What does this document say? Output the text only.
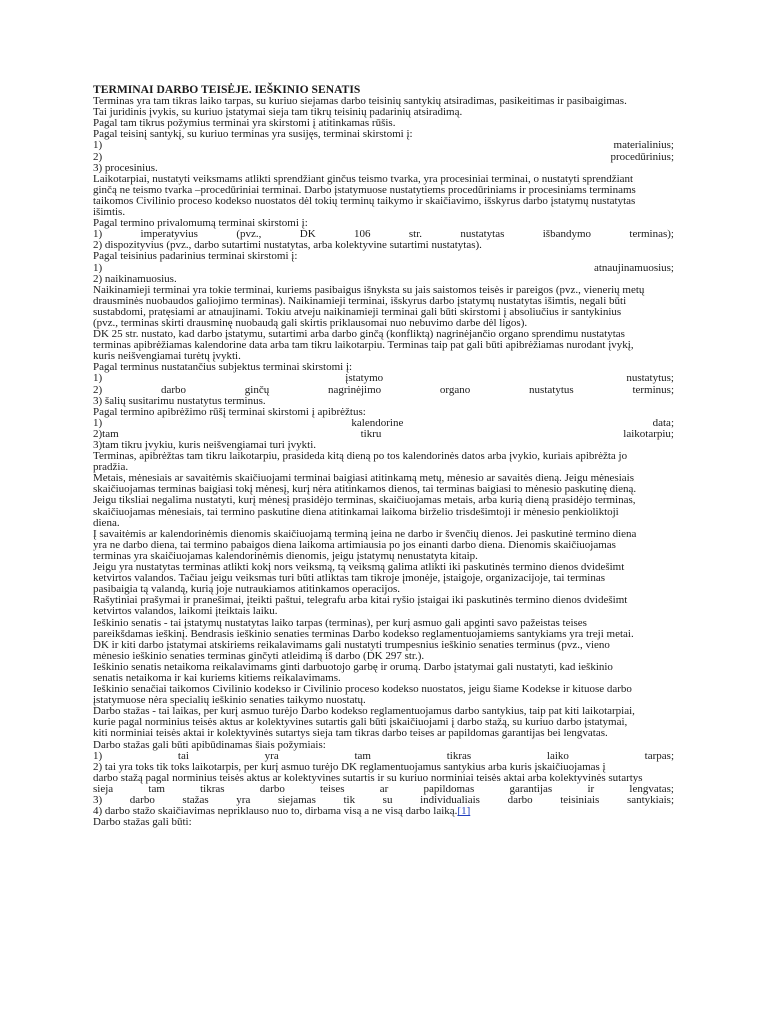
TERMINAI DARBO TEISĖJE. IEŠKINIO SENATIS
Terminas yra tam tikras laiko tarpas, su kuriuo siejamas darbo teisinių santykių atsiradimas, pasikeitimas ir pasibaigimas.
Tai juridinis įvykis, su kuriuo įstatymai sieja tam tikrų teisinių padarinių atsiradimą.
Pagal tam tikrus požymius terminai yra skirstomi į atitinkamas rūšis.
Pagal teisinį santykį, su kuriuo terminas yra susijęs, terminai skirstomi į:
1) materialinius;
2) procedūrinius;
3) procesinius.
Laikotarpiai, nustatyti veiksmams atlikti sprendžiant ginčus teismo tvarka, yra procesiniai terminai, o nustatyti sprendžiant
ginčą ne teismo tvarka –procedūriniai terminai. Darbo įstatymuose nustatytiems procedūriniams ir procesiniams terminams
taikomos Civilinio proceso kodekso nuostatos dėl tokių terminų taikymo ir skaičiavimo, išskyrus darbo įstatymų nustatytas
išimtis.
Pagal termino privalomumą terminai skirstomi į:
1) imperatyvius (pvz., DK 106 str. nustatytas išbandymo terminas);
2) dispozityvius (pvz., darbo sutartimi nustatytas, arba kolektyvine sutartimi nustatytas).
Pagal teisinius padarinius terminai skirstomi į:
1) atnaujinamuosius;
2) naikinamuosius.
Naikinamieji terminai yra tokie terminai, kuriems pasibaigus išnyksta su jais saistomos teisės ir pareigos (pvz., vienerių metų
drausminės nuobaudos galiojimo terminas). Naikinamieji terminai, išskyrus darbo įstatymų nustatytas išimtis, negali būti
sustabdomi, pratęsiami ar atnaujinami. Tokiu atveju naikinamieji terminai gali būti skirstomi į absoliučius ir santykinius
(pvz., terminas skirti drausminę nuobaudą gali skirtis priklausomai nuo nebuvimo darbe dėl ligos).
DK 25 str. nustato, kad darbo įstatymu, sutartimi arba darbo ginčą (konfliktą) nagrinėjančio organo sprendimu nustatytas
terminas apibrėžiamas kalendorine data arba tam tikru laikotarpiu. Terminas taip pat gali būti apibrėžiamas nurodant įvykį,
kuris neišvengiamai turėtų įvykti.
Pagal terminus nustatančius subjektus terminai skirstomi į:
1) įstatymo nustatytus;
2) darbo ginčų nagrinėjimo organo nustatytus terminus;
3) šalių susitarimu nustatytus terminus.
Pagal termino apibrėžimo rūšį terminai skirstomi į apibrėžtus:
1) kalendorine data;
2)tam tikru laikotarpiu;
3)tam tikru įvykiu, kuris neišvengiamai turi įvykti.
Terminas, apibrėžtas tam tikru laikotarpiu, prasideda kitą dieną po tos kalendorinės datos arba įvykio, kuriais apibrėžta jo
pradžia.
Metais, mėnesiais ar savaitėmis skaičiuojami terminai baigiasi atitinkamą metų, mėnesio ar savaitės dieną. Jeigu mėnesiais
skaičiuojamas terminas baigiasi tokį mėnesį, kurį nėra atitinkamos dienos, tai terminas baigiasi to mėnesio paskutinę dieną.
Jeigu tiksliai negalima nustatyti, kurį mėnesį prasidėjo terminas, skaičiuojamas metais, arba kurią dieną prasidėjo terminas,
skaičiuojamas mėnesiais, tai termino paskutine diena atitinkamai laikoma birželio trisdešimtoji ir mėnesio penkioliktoji
diena.
Į savaitėmis ar kalendorinėmis dienomis skaičiuojamą terminą įeina ne darbo ir švenčių dienos. Jei paskutinė termino diena
yra ne darbo diena, tai termino pabaigos diena laikoma artimiausia po jos einanti darbo diena. Dienomis skaičiuojamas
terminas yra skaičiuojamas kalendorinėmis dienomis, jeigu įstatymų nenustatyta kitaip.
Jeigu yra nustatytas terminas atlikti kokį nors veiksmą, tą veiksmą galima atlikti iki paskutinės termino dienos dvidešimt
ketvirtos valandos. Tačiau jeigu veiksmas turi būti atliktas tam tikroje įmonėje, įstaigoje, organizacijoje, tai terminas
pasibaigia tą valandą, kurią joje nutraukiamos atitinkamos operacijos.
Rašytiniai prašymai ir pranešimai, įteikti paštui, telegrafu arba kitai ryšio įstaigai iki paskutinės termino dienos dvidešimt
ketvirtos valandos, laikomi įteiktais laiku.
Ieškinio senatis - tai įstatymų nustatytas laiko tarpas (terminas), per kurį asmuo gali apginti savo pažeistas teises
pareikšdamas ieškinį. Bendrasis ieškinio senaties terminas Darbo kodekso reglamentuojamiems santykiams yra treji metai.
DK ir kiti darbo įstatymai atskiriems reikalavimams gali nustatyti trumpesnius ieškinio senaties terminus (pvz., vieno
mėnesio ieškinio senaties terminas ginčyti atleidimą iš darbo (DK 297 str.).
Ieškinio senatis netaikoma reikalavimams ginti darbuotojo garbę ir orumą. Darbo įstatymai gali nustatyti, kad ieškinio
senatis netaikoma ir kai kuriems kitiems reikalavimams.
Ieškinio senačiai taikomos Civilinio kodekso ir Civilinio proceso kodekso nuostatos, jeigu šiame Kodekse ir kituose darbo
įstatymuose nėra specialių ieškinio senaties taikymo nuostatų.
Darbo stažas - tai laikas, per kurį asmuo turėjo Darbo kodekso reglamentuojamus darbo santykius, taip pat kiti laikotarpiai,
kurie pagal norminius teisės aktus ar kolektyvines sutartis gali būti įskaičiuojami į darbo stažą, su kuriuo darbo įstatymai,
kiti norminiai teisės aktai ir kolektyvinės sutartys sieja tam tikras darbo teises ar papildomas garantijas bei lengvatas.
Darbo stažas gali būti apibūdinamas šiais požymiais:
1) tai yra tam tikras laiko tarpas;
2) tai yra toks tik toks laikotarpis, per kurį asmuo turėjo DK reglamentuojamus santykius arba kuris įskaičiuojamas į
darbo stažą pagal norminius teisės aktus ar kolektyvines sutartis ir su kuriuo norminiai teisės aktai arba kolektyvinės sutartys
sieja tam tikras darbo teises ar papildomas garantijas ir lengvatas;
3) darbo stažas yra siejamas tik su individualiais darbo teisiniais santykiais;
4) darbo stažo skaičiavimas nepriklauso nuo to, dirbama visą a ne visą darbo laiką.[1]
Darbo stažas gali būti:
